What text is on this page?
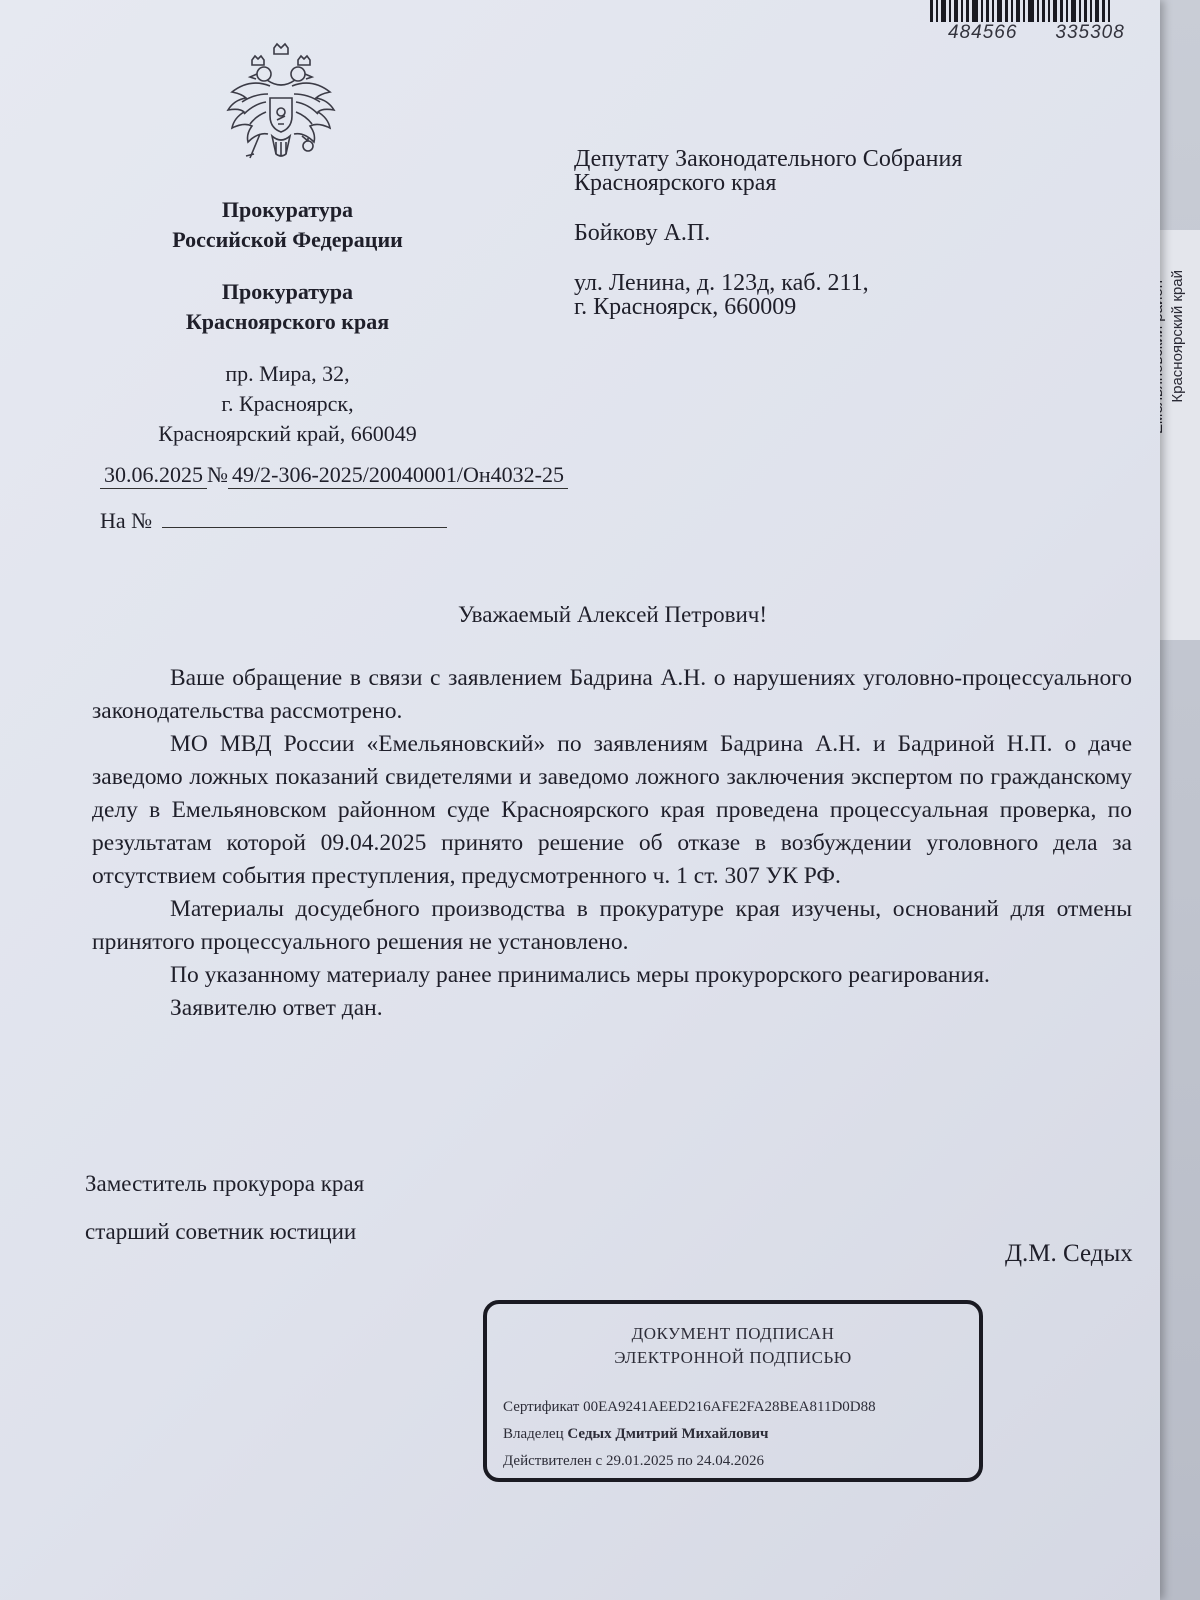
Красноярский край
484566 335308
Прокуратура
Российской Федерации
Прокуратура
Красноярского края
пр. Мира, 32,
г. Красноярск,
Красноярский край, 660049
Депутату Законодательного Собрания
Красноярского края
Бойкову А.П.
ул. Ленина, д. 123д, каб. 211,
г. Красноярск, 660009
30.06.2025 № 49/2-306-2025/20040001/Он4032-25
На №
Уважаемый Алексей Петрович!

Ваше обращение в связи с заявлением Бадрина А.Н. о нарушениях уголовно-процессуального законодательства рассмотрено.

МО МВД России «Емельяновский» по заявлениям Бадрина А.Н. и Бадриной Н.П. о даче заведомо ложных показаний свидетелями и заведомо ложного заключения экспертом по гражданскому делу в Емельяновском районном суде Красноярского края проведена процессуальная проверка, по результатам которой 09.04.2025 принято решение об отказе в возбуждении уголовного дела за отсутствием события преступления, предусмотренного ч. 1 ст. 307 УК РФ.

Материалы досудебного производства в прокуратуре края изучены, оснований для отмены принятого процессуального решения не установлено.

По указанному материалу ранее принимались меры прокурорского реагирования.

Заявителю ответ дан.

Заместитель прокурора края
старший советник юстиции
Д.М. Седых
ДОКУМЕНТ ПОДПИСАН
ЭЛЕКТРОННОЙ ПОДПИСЬЮ
Сертификат 00EA9241AEED216AFE2FA28BEA811D0D88
Владелец Седых Дмитрий Михайлович
Действителен с 29.01.2025 по 24.04.2026
